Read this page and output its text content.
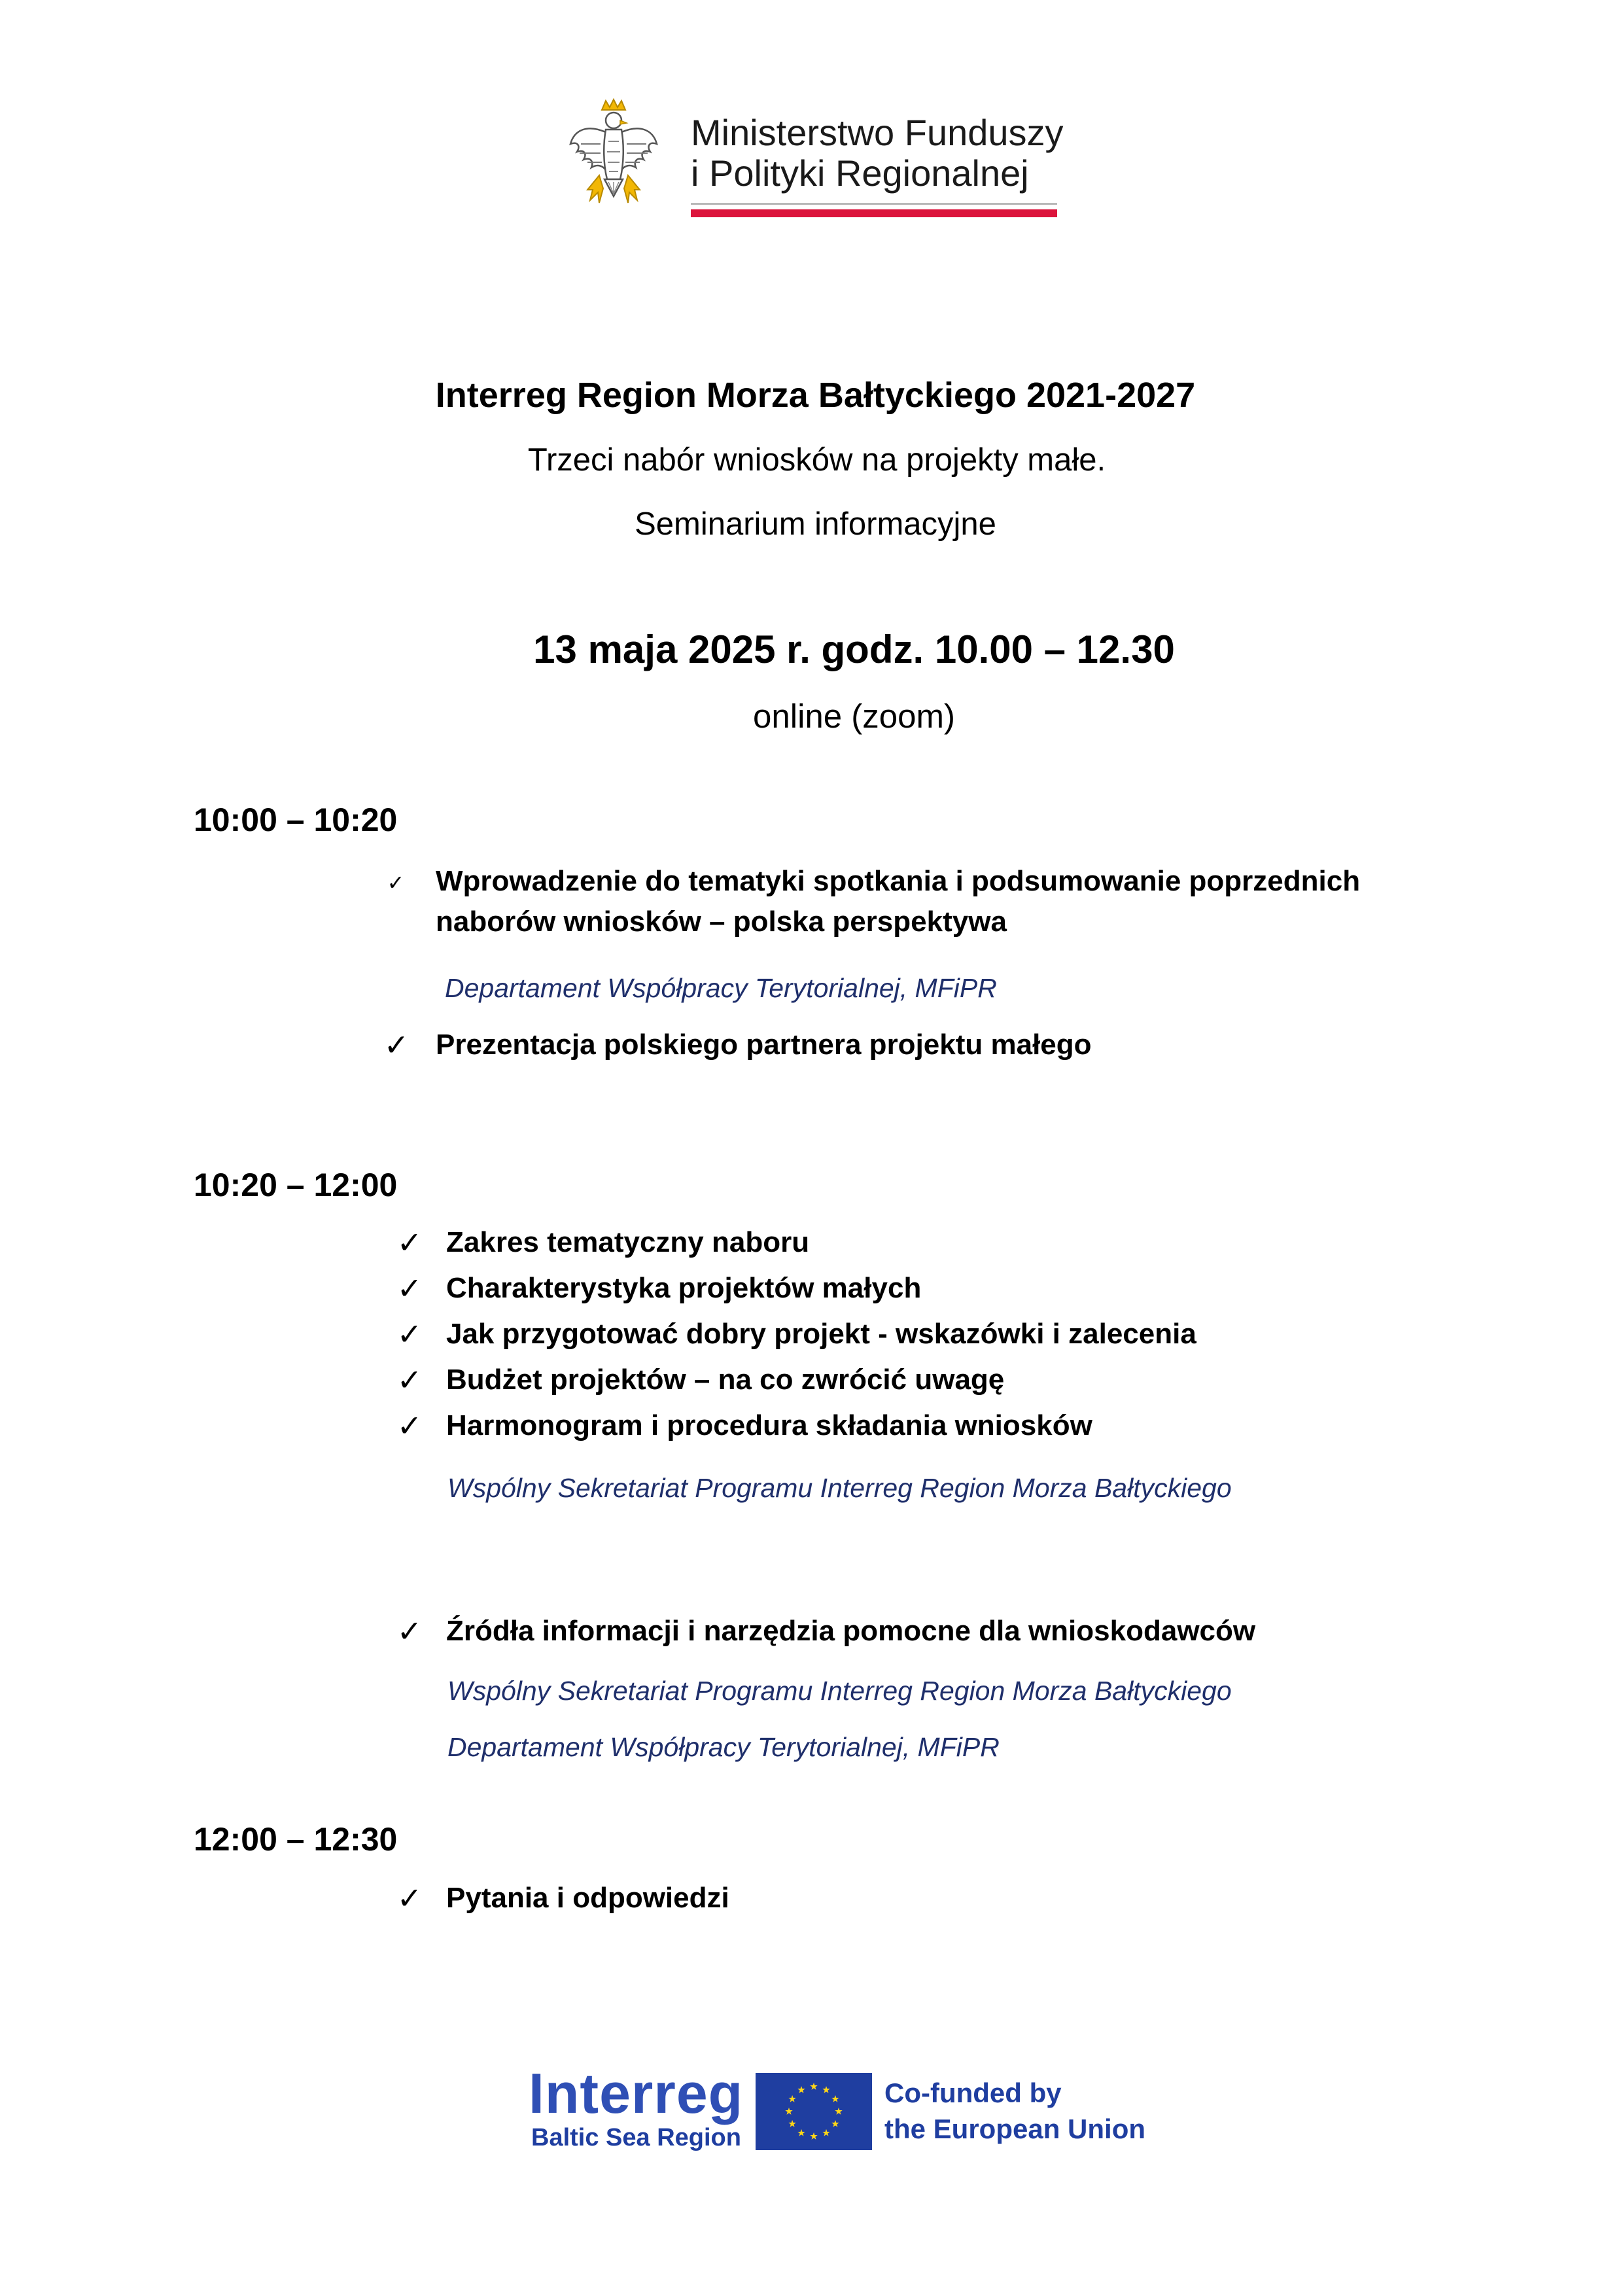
Ministerstwo Funduszy
i Polityki Regionalnej
Interreg Region Morza Bałtyckiego 2021-2027
Trzeci nabór wniosków na projekty małe.
Seminarium informacyjne
13 maja 2025 r. godz. 10.00 – 12.30
online (zoom)
10:00 – 10:20
✓ Wprowadzenie do tematyki spotkania i podsumowanie poprzednich
naborów wniosków – polska perspektywa
Departament Współpracy Terytorialnej, MFiPR
✓ Prezentacja polskiego partnera projektu małego
10:20 – 12:00
✓ Zakres tematyczny naboru
✓ Charakterystyka projektów małych
✓ Jak przygotować dobry projekt - wskazówki i zalecenia
✓ Budżet projektów – na co zwrócić uwagę
✓ Harmonogram i procedura składania wniosków
Wspólny Sekretariat Programu Interreg Region Morza Bałtyckiego
✓ Źródła informacji i narzędzia pomocne dla wnioskodawców
Wspólny Sekretariat Programu Interreg Region Morza Bałtyckiego
Departament Współpracy Terytorialnej, MFiPR
12:00 – 12:30
✓ Pytania i odpowiedzi
Interreg
Baltic Sea Region
Co-funded by
the European Union
